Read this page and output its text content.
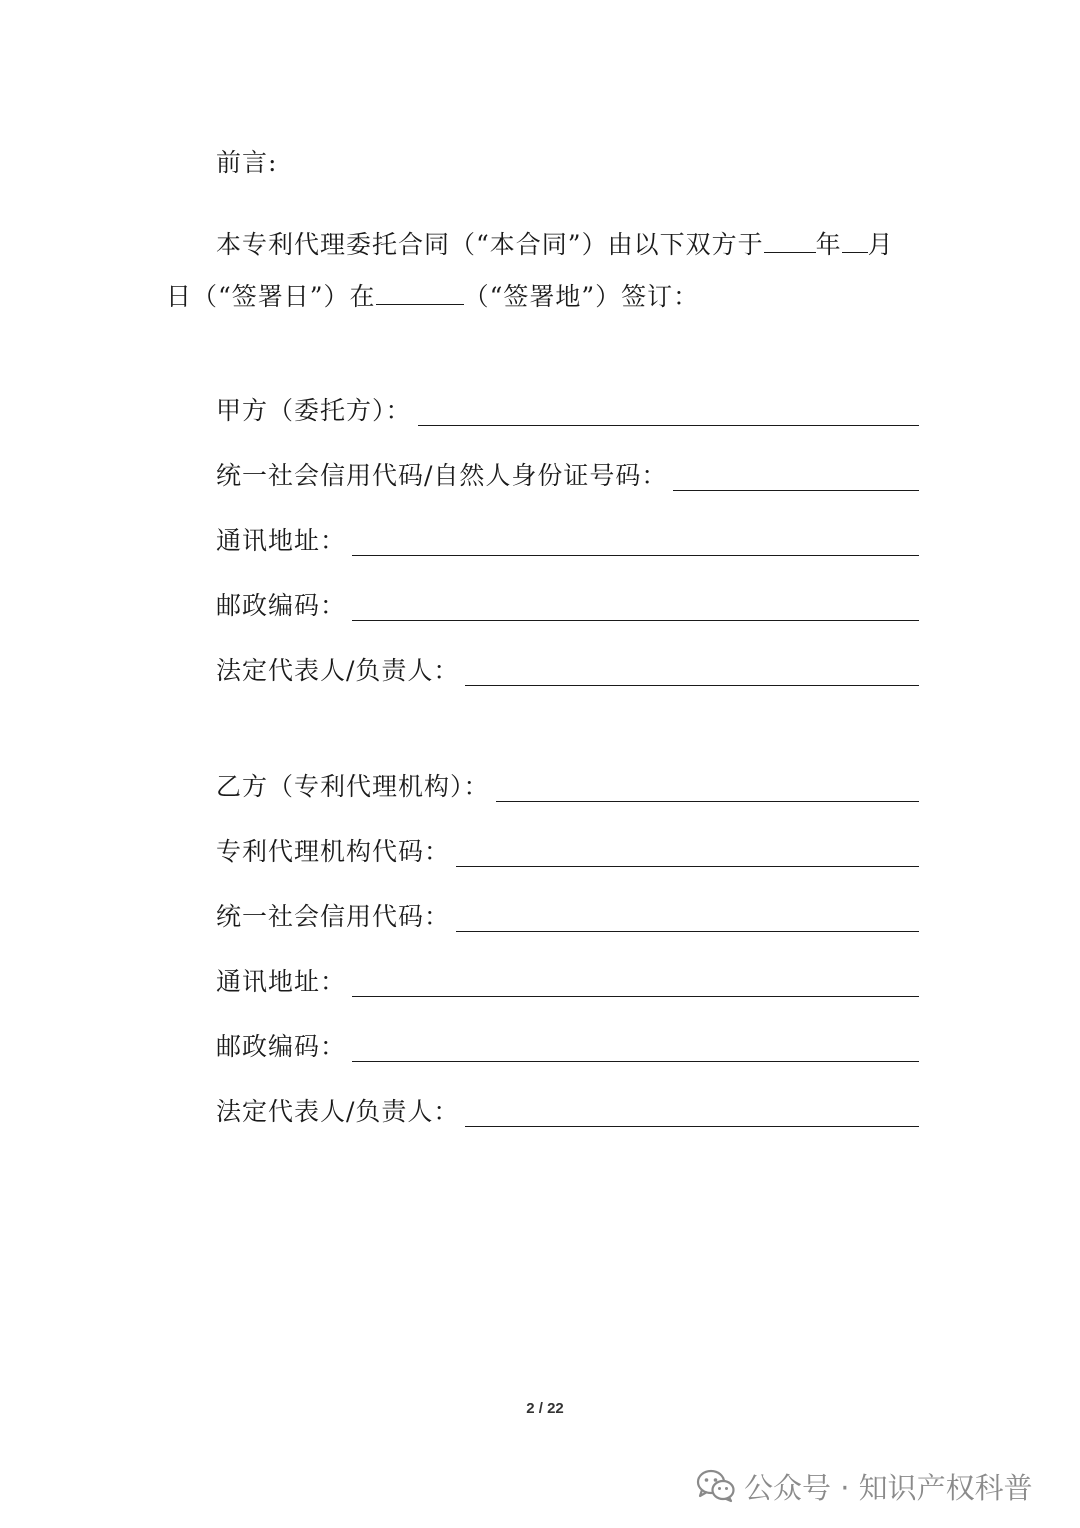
前言:
本专利代理委托合同（“本合同”）由以下双方于 年 月
日（“签署日”）在	（“签署地”）签订：
甲方（委托方）：
统一社会信用代码/自然人身份证号码：
通讯地址：
邮政编码：
法定代表人/负责人：
乙方（专利代理机构）：
专利代理机构代码：
统一社会信用代码：
通讯地址：
邮政编码：
法定代表人/负责人：
2 / 22
公众号 · 知识产权科普
